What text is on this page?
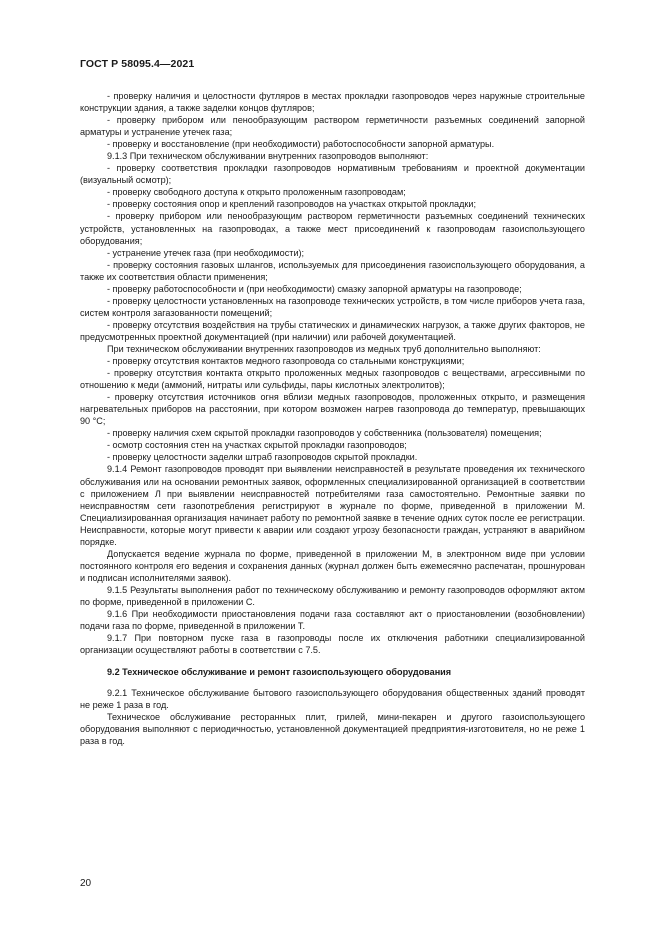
ГОСТ Р 58095.4—2021

- проверку наличия и целостности футляров в местах прокладки газопроводов через наружные строительные конструкции здания, а также заделки концов футляров;

- проверку прибором или пенообразующим раствором герметичности разъемных соединений запорной арматуры и устранение утечек газа;

- проверку и восстановление (при необходимости) работоспособности запорной арматуры.

9.1.3 При техническом обслуживании внутренних газопроводов выполняют:

- проверку соответствия прокладки газопроводов нормативным требованиям и проектной документации (визуальный осмотр);

- проверку свободного доступа к открыто проложенным газопроводам;

- проверку состояния опор и креплений газопроводов на участках открытой прокладки;

- проверку прибором или пенообразующим раствором герметичности разъемных соединений технических устройств, установленных на газопроводах, а также мест присоединений к газопроводам газоиспользующего оборудования;

- устранение утечек газа (при необходимости);

- проверку состояния газовых шлангов, используемых для присоединения газоиспользующего оборудования, а также их соответствия области применения;

- проверку работоспособности и (при необходимости) смазку запорной арматуры на газопроводе;

- проверку целостности установленных на газопроводе технических устройств, в том числе приборов учета газа, систем контроля загазованности помещений;

- проверку отсутствия воздействия на трубы статических и динамических нагрузок, а также других факторов, не предусмотренных проектной документацией (при наличии) или рабочей документацией.

При техническом обслуживании внутренних газопроводов из медных труб дополнительно выполняют:

- проверку отсутствия контактов медного газопровода со стальными конструкциями;

- проверку отсутствия контакта открыто проложенных медных газопроводов с веществами, агрессивными по отношению к меди (аммоний, нитраты или сульфиды, пары кислотных электролитов);

- проверку отсутствия источников огня вблизи медных газопроводов, проложенных открыто, и размещения нагревательных приборов на расстоянии, при котором возможен нагрев газопровода до температур, превышающих 90 °С;

- проверку наличия схем скрытой прокладки газопроводов у собственника (пользователя) помещения;

- осмотр состояния стен на участках скрытой прокладки газопроводов;

- проверку целостности заделки штраб газопроводов скрытой прокладки.

9.1.4 Ремонт газопроводов проводят при выявлении неисправностей в результате проведения их технического обслуживания или на основании ремонтных заявок, оформленных специализированной организацией в соответствии с приложением Л при выявлении неисправностей потребителями газа самостоятельно. Ремонтные заявки по неисправностям сети газопотребления регистрируют в журнале по форме, приведенной в приложении М. Специализированная организация начинает работу по ремонтной заявке в течение одних суток после ее регистрации. Неисправности, которые могут привести к аварии или создают угрозу безопасности граждан, устраняют в аварийном порядке.

Допускается ведение журнала по форме, приведенной в приложении М, в электронном виде при условии постоянного контроля его ведения и сохранения данных (журнал должен быть ежемесячно распечатан, прошнурован и подписан исполнителями заявок).

9.1.5 Результаты выполнения работ по техническому обслуживанию и ремонту газопроводов оформляют актом по форме, приведенной в приложении С.

9.1.6 При необходимости приостановления подачи газа составляют акт о приостановлении (возобновлении) подачи газа по форме, приведенной в приложении Т.

9.1.7 При повторном пуске газа в газопроводы после их отключения работники специализированной организации осуществляют работы в соответствии с 7.5.

9.2 Техническое обслуживание и ремонт газоиспользующего оборудования

9.2.1 Техническое обслуживание бытового газоиспользующего оборудования общественных зданий проводят не реже 1 раза в год.

Техническое обслуживание ресторанных плит, грилей, мини-пекарен и другого газоиспользующего оборудования выполняют с периодичностью, установленной документацией предприятия-изготовителя, но не реже 1 раза в год.

20
